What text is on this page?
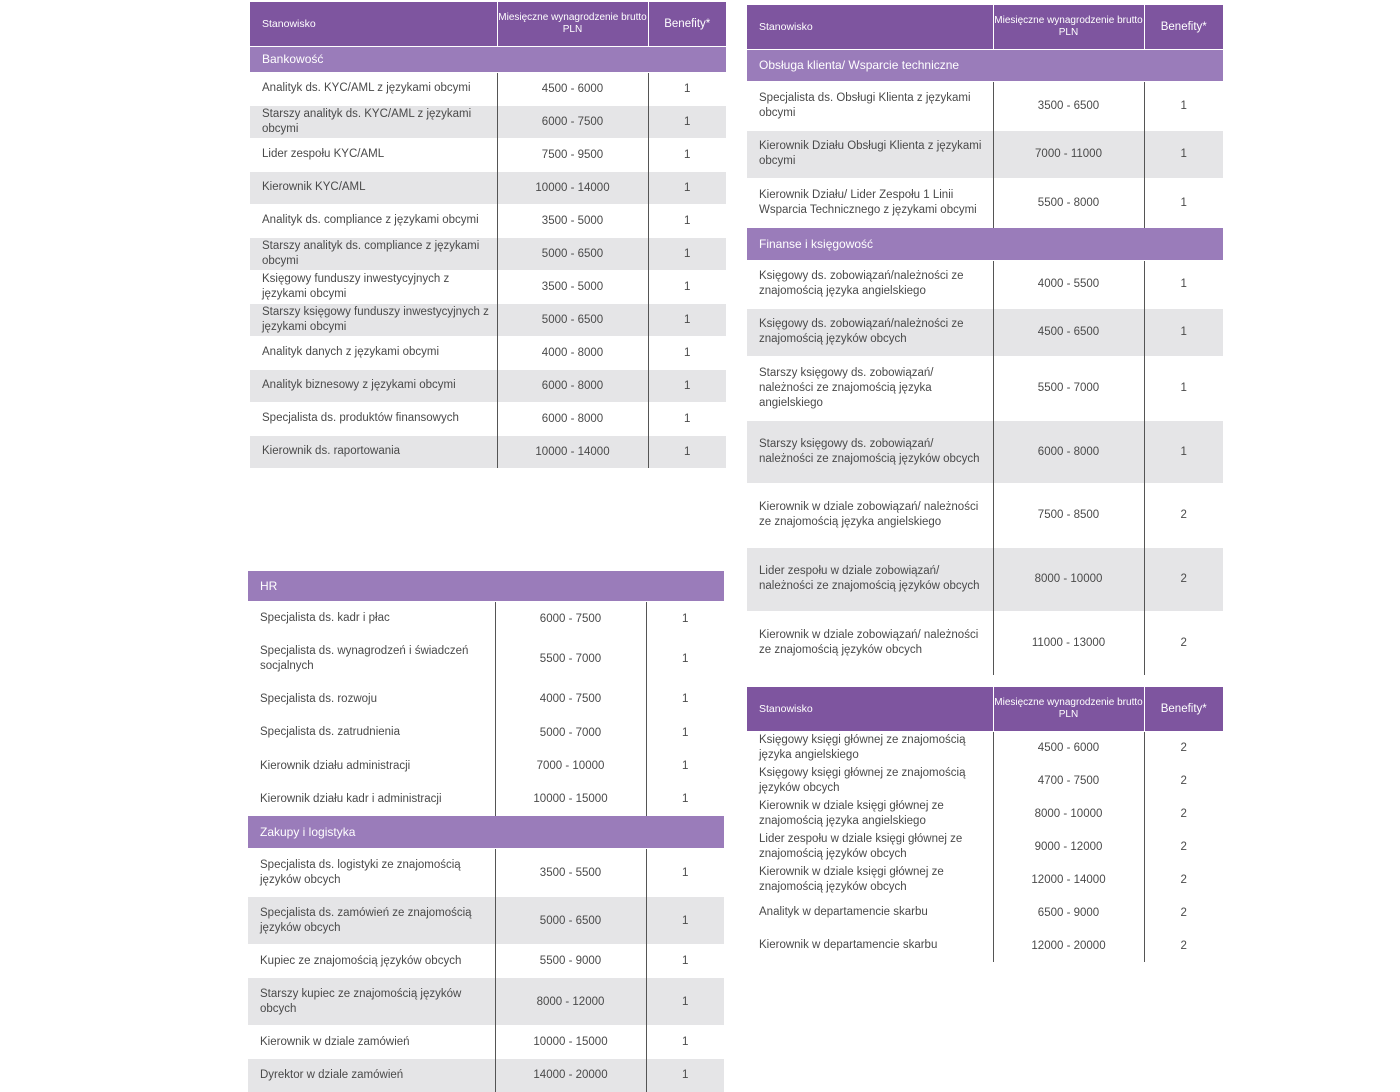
Stanowisko	Miesięczne wynagrodzenie brutto PLN	Benefity*
Bankowość		
Analityk ds. KYC/AML z językami obcymi	4500 - 6000	1
Starszy analityk ds. KYC/AML z językami obcymi	6000 - 7500	1
Lider zespołu KYC/AML	7500 - 9500	1
Kierownik KYC/AML	10000 - 14000	1
Analityk ds. compliance z językami obcymi	3500 - 5000	1
Starszy analityk ds. compliance z językami obcymi	5000 - 6500	1
Księgowy funduszy inwestycyjnych z językami obcymi	3500 - 5000	1
Starszy księgowy funduszy inwestycyjnych z językami obcymi	5000 - 6500	1
Analityk danych z językami obcymi	4000 - 8000	1
Analityk biznesowy z językami obcymi	6000 - 8000	1
Specjalista ds. produktów finansowych	6000 - 8000	1
Kierownik ds. raportowania	10000 - 14000	1
HR		
Specjalista ds. kadr i płac	6000 - 7500	1
Specjalista ds. wynagrodzeń i świadczeń socjalnych	5500 - 7000	1
Specjalista ds. rozwoju	4000 - 7500	1
Specjalista ds. zatrudnienia	5000 - 7000	1
Kierownik działu administracji	7000 - 10000	1
Kierownik działu kadr i administracji	10000 - 15000	1
Zakupy i logistyka		
Specjalista ds. logistyki ze znajomością języków obcych	3500 - 5500	1
Specjalista ds. zamówień ze znajomością języków obcych	5000 - 6500	1
Kupiec ze znajomością języków obcych	5500 - 9000	1
Starszy kupiec ze znajomością języków obcych	8000 - 12000	1
Kierownik w dziale zamówień	10000 - 15000	1
Dyrektor w dziale zamówień	14000 - 20000	1
Stanowisko	Miesięczne wynagrodzenie brutto PLN	Benefity*
Obsługa klienta/ Wsparcie techniczne		
Specjalista ds. Obsługi Klienta z językami obcymi	3500 - 6500	1
Kierownik Działu Obsługi Klienta z językami obcymi	7000 - 11000	1
Kierownik Działu/ Lider Zespołu 1 Linii Wsparcia Technicznego z językami obcymi	5500 - 8000	1
Finanse i księgowość		
Księgowy ds. zobowiązań/należności ze znajomością języka angielskiego	4000 - 5500	1
Księgowy ds. zobowiązań/należności ze znajomością języków obcych	4500 - 6500	1
Starszy księgowy ds. zobowiązań/ należności ze znajomością języka angielskiego	5500 - 7000	1
Starszy księgowy ds. zobowiązań/ należności ze znajomością języków obcych	6000 - 8000	1
Kierownik w dziale zobowiązań/ należności ze znajomością języka angielskiego	7500 - 8500	2
Lider zespołu w dziale zobowiązań/ należności ze znajomością języków obcych	8000 - 10000	2
Kierownik w dziale zobowiązań/ należności ze znajomością języków obcych	11000 - 13000	2
Stanowisko	Miesięczne wynagrodzenie brutto PLN	Benefity*
Księgowy księgi głównej ze znajomością języka angielskiego	4500 - 6000	2
Księgowy księgi głównej ze znajomością języków obcych	4700 - 7500	2
Kierownik w dziale księgi głównej ze znajomością języka angielskiego	8000 - 10000	2
Lider zespołu w dziale księgi głównej ze znajomością języków obcych	9000 - 12000	2
Kierownik w dziale księgi głównej ze znajomością języków obcych	12000 - 14000	2
Analityk w departamencie skarbu	6500 - 9000	2
Kierownik w departamencie skarbu	12000 - 20000	2
